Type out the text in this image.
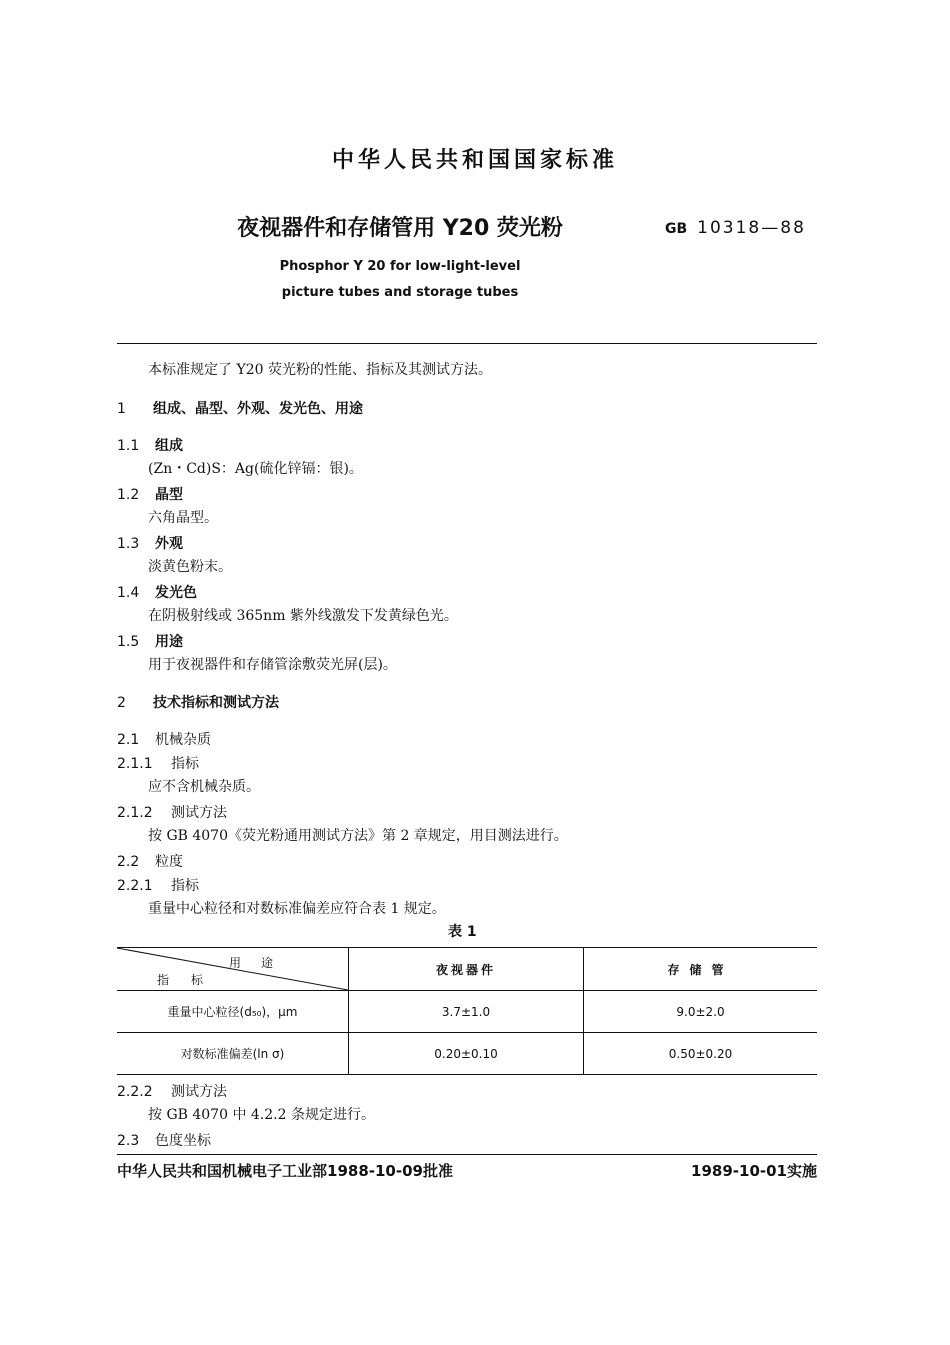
中华人民共和国国家标准
夜视器件和存储管用 Y20 荧光粉	GB 10318—88
Phosphor Y 20 for low-light-level
picture tubes and storage tubes
本标准规定了 Y20 荧光粉的性能、指标及其测试方法。
1 组成、晶型、外观、发光色、用途
1.1 组成
(Zn・Cd)S：Ag(硫化锌镉：银)。
1.2 晶型
六角晶型。
1.3 外观
淡黄色粉末。
1.4 发光色
在阴极射线或 365nm 紫外线激发下发黄绿色光。
1.5 用途
用于夜视器件和存储管涂敷荧光屏(层)。
2 技术指标和测试方法
2.1 机械杂质
2.1.1 指标
应不含机械杂质。
2.1.2 测试方法
按 GB 4070《荧光粉通用测试方法》第 2 章规定，用目测法进行。
2.2 粒度
2.2.1 指标
重量中心粒径和对数标准偏差应符合表 1 规定。
表 1
用途
指标	夜视器件	存储管
重量中心粒径(d₅₀)，μm	3.7±1.0	9.0±2.0
对数标准偏差(ln σ)	0.20±0.10	0.50±0.20
2.2.2 测试方法
按 GB 4070 中 4.2.2 条规定进行。
2.3 色度坐标
中华人民共和国机械电子工业部1988-10-09批准	1989-10-01实施
